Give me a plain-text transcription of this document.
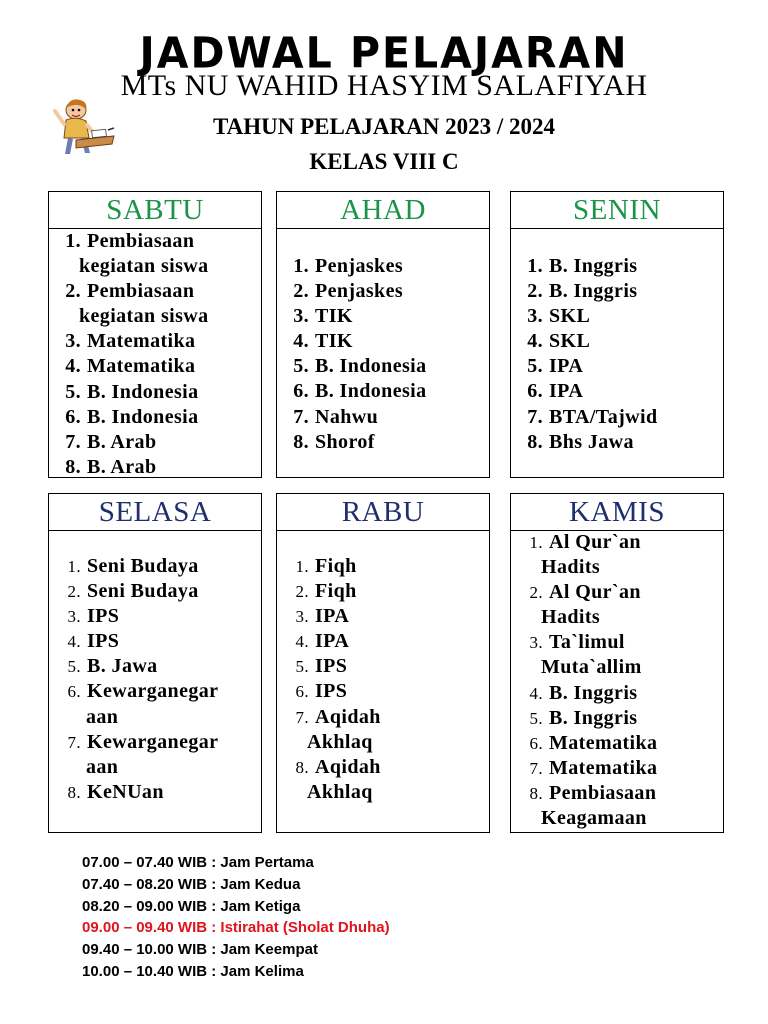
JADWAL PELAJARAN
MTs NU WAHID HASYIM SALAFIYAH
TAHUN PELAJARAN 2023 / 2024
KELAS VIII C
SABTU
1. Pembiasaan
kegiatan siswa
2. Pembiasaan
kegiatan siswa
3. Matematika
4. Matematika
5. B. Indonesia
6. B. Indonesia
7. B. Arab
8. B. Arab
AHAD
1. Penjaskes
2. Penjaskes
3. TIK
4. TIK
5. B. Indonesia
6. B. Indonesia
7. Nahwu
8. Shorof
SENIN
1. B. Inggris
2. B. Inggris
3. SKL
4. SKL
5. IPA
6. IPA
7. BTA/Tajwid
8. Bhs Jawa
SELASA
1. Seni Budaya
2. Seni Budaya
3. IPS
4. IPS
5. B. Jawa
6. Kewarganegar
aan
7. Kewarganegar
aan
8. KeNUan
RABU
1. Fiqh
2. Fiqh
3. IPA
4. IPA
5. IPS
6. IPS
7. Aqidah
Akhlaq
8. Aqidah
Akhlaq
KAMIS
1. Al Qur`an
Hadits
2. Al Qur`an
Hadits
3. Ta`limul
Muta`allim
4. B. Inggris
5. B. Inggris
6. Matematika
7. Matematika
8. Pembiasaan
Keagamaan
07.00 – 07.40 WIB : Jam Pertama
07.40 – 08.20 WIB : Jam Kedua
08.20 – 09.00 WIB : Jam Ketiga
09.00 – 09.40 WIB : Istirahat (Sholat Dhuha)
09.40 – 10.00 WIB : Jam Keempat
10.00 – 10.40 WIB : Jam Kelima
